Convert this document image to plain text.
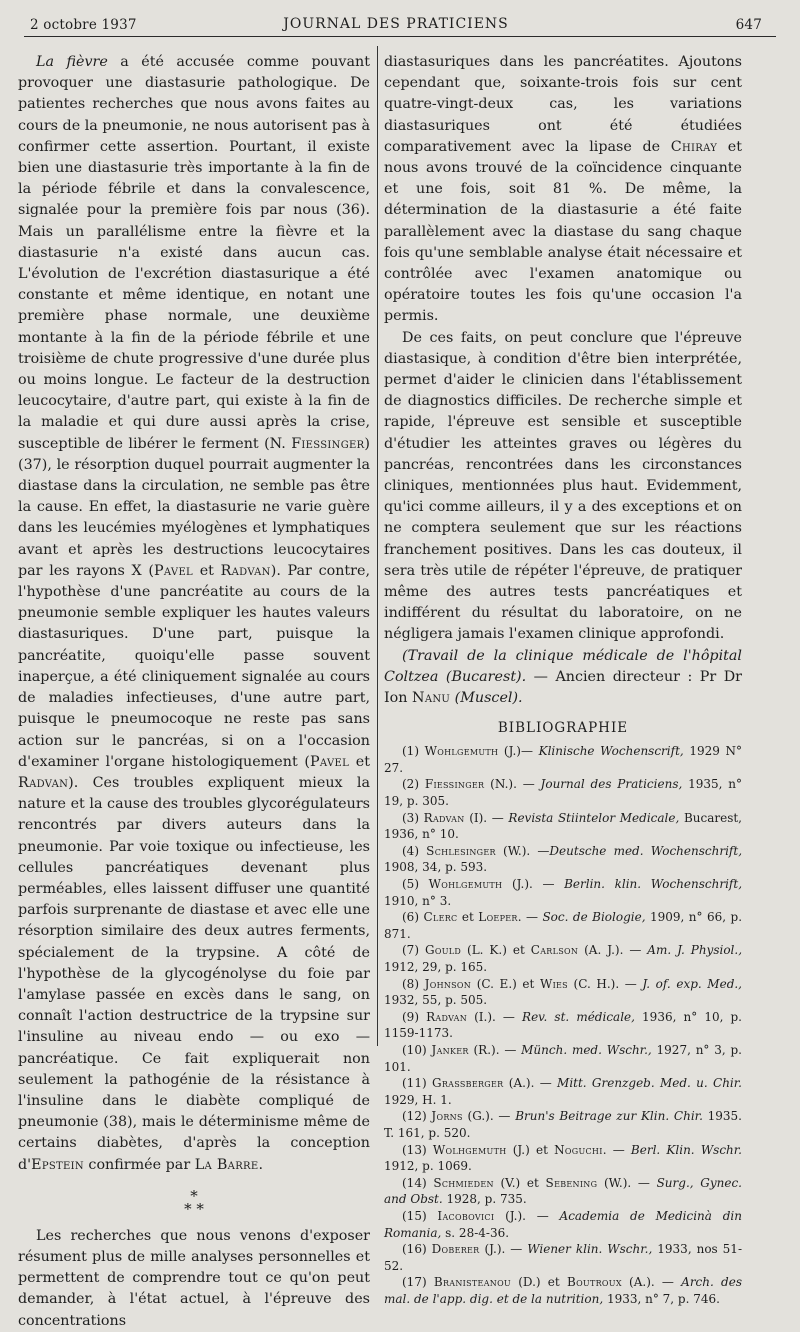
2 octobre 1937	JOURNAL DES PRATICIENS	647

La fièvre a été accusée comme pouvant provoquer une diastasurie pathologique. De patientes recherches que nous avons faites au cours de la pneumonie, ne nous autorisent pas à confirmer cette assertion. Pourtant, il existe bien une diastasurie très importante à la fin de la période fébrile et dans la convalescence, signalée pour la première fois par nous (36). Mais un parallélisme entre la fièvre et la diastasurie n'a existé dans aucun cas. L'évolution de l'excrétion diastasurique a été constante et même identique, en notant une première phase normale, une deuxième montante à la fin de la période fébrile et une troisième de chute progressive d'une durée plus ou moins longue. Le facteur de la destruction leucocytaire, d'autre part, qui existe à la fin de la maladie et qui dure aussi après la crise, susceptible de libérer le ferment (N. Fiessinger) (37), le résorption duquel pourrait augmenter la diastase dans la circulation, ne semble pas être la cause. En effet, la diastasurie ne varie guère dans les leucémies myélogènes et lymphatiques avant et après les destructions leucocytaires par les rayons X (Pavel et Radvan). Par contre, l'hypothèse d'une pancréatite au cours de la pneumonie semble expliquer les hautes valeurs diastasuriques. D'une part, puisque la pancréatite, quoiqu'elle passe souvent inaperçue, a été cliniquement signalée au cours de maladies infectieuses, d'une autre part, puisque le pneumocoque ne reste pas sans action sur le pancréas, si on a l'occasion d'examiner l'organe histologiquement (Pavel et Radvan). Ces troubles expliquent mieux la nature et la cause des troubles glycorégulateurs rencontrés par divers auteurs dans la pneumonie. Par voie toxique ou infectieuse, les cellules pancréatiques devenant plus perméables, elles laissent diffuser une quantité parfois surprenante de diastase et avec elle une résorption similaire des deux autres ferments, spécialement de la trypsine. A côté de l'hypothèse de la glycogénolyse du foie par l'amylase passée en excès dans le sang, on connaît l'action destructrice de la trypsine sur l'insuline au niveau endo — ou exo — pancréatique. Ce fait expliquerait non seulement la pathogénie de la résistance à l'insuline dans le diabète compliqué de pneumonie (38), mais le déterminisme même de certains diabètes, d'après la conception d'Epstein confirmée par La Barre.

*
* *

Les recherches que nous venons d'exposer résument plus de mille analyses personnelles et permettent de comprendre tout ce qu'on peut demander, à l'état actuel, à l'épreuve des concentrations

diastasuriques dans les pancréatites. Ajoutons cependant que, soixante-trois fois sur cent quatre-vingt-deux cas, les variations diastasuriques ont été étudiées comparativement avec la lipase de Chiray et nous avons trouvé de la coïncidence cinquante et une fois, soit 81 %. De même, la détermination de la diastasurie a été faite parallèlement avec la diastase du sang chaque fois qu'une semblable analyse était nécessaire et contrôlée avec l'examen anatomique ou opératoire toutes les fois qu'une occasion l'a permis.

De ces faits, on peut conclure que l'épreuve diastasique, à condition d'être bien interprétée, permet d'aider le clinicien dans l'établissement de diagnostics difficiles. De recherche simple et rapide, l'épreuve est sensible et susceptible d'étudier les atteintes graves ou légères du pancréas, rencontrées dans les circonstances cliniques, mentionnées plus haut. Evidemment, qu'ici comme ailleurs, il y a des exceptions et on ne comptera seulement que sur les réactions franchement positives. Dans les cas douteux, il sera très utile de répéter l'épreuve, de pratiquer même des autres tests pancréatiques et indifférent du résultat du laboratoire, on ne négligera jamais l'examen clinique approfondi.

(Travail de la clinique médicale de l'hôpital Coltzea (Bucarest). — Ancien directeur : Pr Dr Ion Nanu (Muscel).

BIBLIOGRAPHIE

(1) Wohlgemuth (J.)— Klinische Wochenscrift, 1929 N° 27.

(2) Fiessinger (N.). — Journal des Praticiens, 1935, n° 19, p. 305.

(3) Radvan (I). — Revista Stiintelor Medicale, Bucarest, 1936, n° 10.

(4) Schlesinger (W.). —Deutsche med. Wochenschrift, 1908, 34, p. 593.

(5) Wohlgemuth (J.). — Berlin. klin. Wochenschrift, 1910, n° 3.

(6) Clerc et Loeper. — Soc. de Biologie, 1909, n° 66, p. 871.

(7) Gould (L. K.) et Carlson (A. J.). — Am. J. Physiol., 1912, 29, p. 165.

(8) Johnson (C. E.) et Wies (C. H.). — J. of. exp. Med., 1932, 55, p. 505.

(9) Radvan (I.). — Rev. st. médicale, 1936, n° 10, p. 1159-1173.

(10) Janker (R.). — Münch. med. Wschr., 1927, n° 3, p. 101.

(11) Grassberger (A.). — Mitt. Grenzgeb. Med. u. Chir. 1929, H. 1.

(12) Jorns (G.). — Brun's Beitrage zur Klin. Chir. 1935. T. 161, p. 520.

(13) Wolhgemuth (J.) et Noguchi. — Berl. Klin. Wschr. 1912, p. 1069.

(14) Schmieden (V.) et Sebening (W.). — Surg., Gynec. and Obst. 1928, p. 735.

(15) Iacobovici (J.). — Academia de Medicinà din Romania, s. 28-4-36.

(16) Doberer (J.). — Wiener klin. Wschr., 1933, nos 51-52.

(17) Branisteanou (D.) et Boutroux (A.). — Arch. des mal. de l'app. dig. et de la nutrition, 1933, n° 7, p. 746.
